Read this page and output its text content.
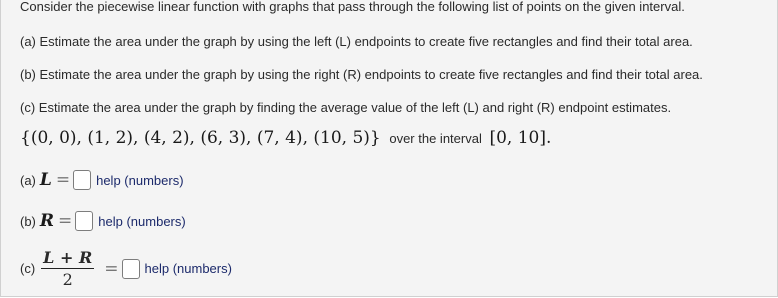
Consider the piecewise linear function with graphs that pass through the following list of points on the given interval.
(a) Estimate the area under the graph by using the left (L) endpoints to create five rectangles and find their total area.
(b) Estimate the area under the graph by using the right (R) endpoints to create five rectangles and find their total area.
(c) Estimate the area under the graph by finding the average value of the left (L) and right (R) endpoint estimates.
{(0, 0), (1, 2), (4, 2), (6, 3), (7, 4), (10, 5)} over the interval [0, 10].
(a) L = help (numbers)
(b) R = help (numbers)
$(c) \frac{L + R}{2}$ = help (numbers)
